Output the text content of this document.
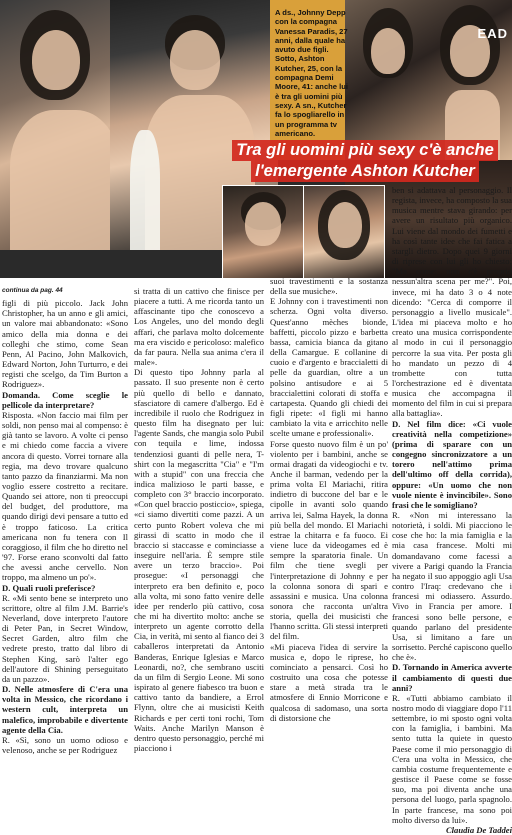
A ds., Johnny Depp con la compagna Vanessa Paradis, 27 anni, dalla quale ha avuto due figli. Sotto, Ashton Kutcher, 25, con la compagna Demi Moore, 41: anche lui è tra gli uomini più sexy. A sn., Kutcher fa lo spogliarello in un programma tv americano.

EAD
Tra gli uomini più sexy c'è anche
l'emergente Ashton Kutcher
continua da pag. 44

figli di più piccolo. Jack John Christopher, ha un anno e gli amici, un valore mai abbandonato: «Sono amico della mia donna e dei colleghi che stimo, come Sean Penn, Al Pacino, John Malkovich, Edward Norton, John Turturro, e dei registi che scelgo, da Tim Burton a Rodriguez».

Domanda. Come sceglie le pellicole da interpretare?

Risposta. «Non faccio mai film per soldi, non penso mai al compenso: è già tanto se lavoro. A volte ci penso e mi chiedo come faccia a vivere ancora di questo. Vorrei tornare alla regia, ma devo trovare qualcuno tanto pazzo da finanziarmi. Ma non voglio essere costretto a recitare. Quando sei attore, non ti preoccupi del budget, del produttore, ma quando dirigi devi pensare a tutto ed è troppo faticoso. La critica americana non fu tenera con Il coraggioso, il film che ho diretto nel '97. Forse erano sconvolti dal fatto che avessi anche cervello. Non troppo, ma almeno un po'».

D. Quali ruoli preferisce?

R. «Mi sento bene se interpreto uno scrittore, oltre al film J.M. Barrie's Neverland, dove interpreto l'autore di Peter Pan, in Secret Window, Secret Garden, altro film che vedrete presto, tratto dal libro di Stephen King, sarò l'alter ego dell'autore di Shining perseguitato da un pazzo».

D. Nelle atmosfere di C'era una volta in Messico, che ricordano i western cult, interpreta un malefico, improbabile e divertente agente della Cia.

R. «Sì, sono un uomo odioso e velenoso, anche se per Rodriguez

si tratta di un cattivo che finisce per piacere a tutti. A me ricorda tanto un affascinante tipo che conoscevo a Los Angeles, uno del mondo degli affari, che parlava molto dolcemente ma era viscido e pericoloso: malefico da far paura. Nella sua anima c'era il male».

Di questo tipo Johnny parla al passato. Il suo presente non è certo più quello di bello e dannato, sfasciatore di camere d'albergo. Ed è incredibile il ruolo che Rodriguez in questo film ha disegnato per lui: l'agente Sands, che mangia solo Pubil con tequila e lime, indossa tendenziosi guanti di pelle nera, T-shirt con la megascritta "Cia" e "I'm with a stupid" con una freccia che indica malizioso le parti basse, e completo con 3° braccio incorporato. «Con quel braccio posticcio», spiega, «ci siamo divertiti come pazzi. A un certo punto Robert voleva che mi girassi di scatto in modo che il braccio si staccasse e cominciasse a inseguire nell'aria. È sempre stile avere un terzo braccio». Poi prosegue: «I personaggi che interpreto era ben definito e, poco alla volta, mi sono fatto venire delle idee per renderlo più cattivo, cosa che mi ha divertito molto: anche se interpreto un agente corrotto della Cia, in verità, mi sento al fianco dei 3 caballeros interpretati da Antonio Banderas, Enrique Iglesias e Marco Leonardi, no?, che sembrano usciti da un film di Sergio Leone. Mi sono ispirato al genere fiabesco tra buon e cattivo tanto da bandiere, a Errol Flynn, oltre che ai musicisti Keith Richards e per certi toni rochi, Tom Waits. Anche Marilyn Manson è dentro questo personaggio, perché mi piacciono i

suoi travestimenti e la sostanza della sue musiche».

E Johnny con i travestimenti non scherza. Ogni volta diverso. Quest'anno mèches bionde, baffetti, piccolo pizzo e barbetta bassa, camicia bianca da gitano della Camargue. E collanine di cuoio e d'argento e braccialetti di pelle da guardian, oltre a un polsino antisudore e ai 5 braccialettini colorati di stoffa e cartapesta. Quando gli chiedi dei figli ripete: «I figli mi hanno cambiato la vita e arricchito nelle scelte umane e professionali».

Forse questo nuovo film è un po' violento per i bambini, anche se ormai dragati da videogiochi e tv. Anche il barman, vedendo per la prima volta El Mariachi, ritira indietro di buccone del bar e le cipolle in avanti solo quando arriva lei, Salma Hayek, la donna più bella del mondo. El Mariachi estrae la chitarra e fa fuoco. Ei viene luce da videogames ed è sempre la sparatoria finale. Un film che tiene svegli per l'interpretazione di Johnny e per la colonna sonora di spari e assassini e musica. Una colonna sonora che racconta un'altra storia, quella dei musicisti che l'hanno scritta. Gli stessi interpreti del film.

«Mi piaceva l'idea di servire la musica e, dopo le riprese, ho cominciato a pensarci. Così ho costruito una cosa che potesse stare a metà strada tra le atmosfere di Ennio Morricone e qualcosa di sadomaso, una sorta di distorsione che

ben si adattava al personaggio. Il regista, invece, ha composto la sua musica mentre stava girando: per avere un risultato più organico. Lui viene dal mondo dei fumetti e ha così tante idee che fai fatica a stargli dietro. Dopo quei 9 giorni di riprese con lui gli ho chiesto: "Ma come: non c'è proprio nessun'altra scena per me?". Poi, invece, mi ha dato 3 o 4 note dicendo: "Cerca di comporre il personaggio a livello musicale". L'idea mi piaceva molto e ho creato una musica corrispondente al modo in cui il personaggio percorre la sua vita. Per posta gli ho mandato un pezzo di 4 trombette con tutta l'orchestrazione ed è diventata musica che accompagna il momento del film in cui si prepara alla battaglia».

D. Nel film dice: «Ci vuole creatività nella competizione» (prima di sparare con un congegno sincronizzatore a un torero nell'attimo prima dell'ultimo off della corrida), oppure: «Un uomo che non vuole niente è invincibile». Sono frasi che le somigliano?

R. «Non mi interessano la notorietà, i soldi. Mi piacciono le cose che ho: la mia famiglia e la mia casa francese. Molti mi domandavano come facessi a vivere a Parigi quando la Francia ha negato il suo appoggio agli Usa contro l'Iraq: credevano che i francesi mi odiassero. Assurdo. Vivo in Francia per amore. I francesi sono belle persone, e quando parlano del presidente Usa, si limitano a fare un sorrisetto. Perché capiscono quello che è».

D. Tornando in America avverte il cambiamento di questi due anni?

R. «Tutti abbiamo cambiato il nostro modo di viaggiare dopo l'11 settembre, io mi sposto ogni volta con la famiglia, i bambini. Ma sento tutta la quiete in questo Paese come il mio personaggio di C'era una volta in Messico, che cambia costume frequentemente e gestisce il Paese come se fosse suo, ma poi diventa anche una persona del luogo, parla spagnolo. In parte francese, ma sono poi molto diverso da lui».

Claudia De Taddei
